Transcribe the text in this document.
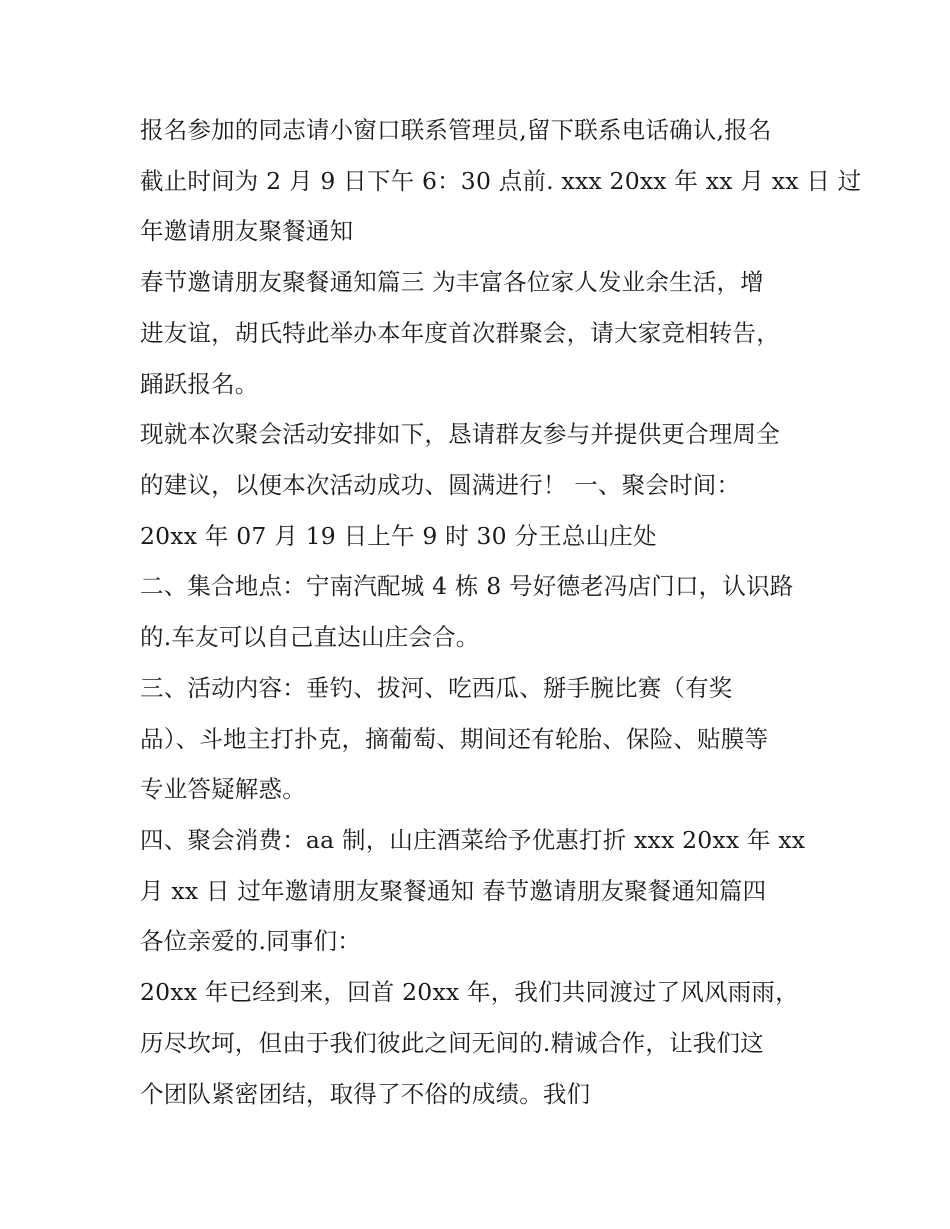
报名参加的同志请小窗口联系管理员,留下联系电话确认,报名
截止时间为 2 月 9 日下午 6：30 点前. xxx 20xx 年 xx 月 xx 日 过
年邀请朋友聚餐通知
春节邀请朋友聚餐通知篇三 为丰富各位家人发业余生活，增
进友谊，胡氏特此举办本年度首次群聚会，请大家竞相转告，
踊跃报名。
现就本次聚会活动安排如下，恳请群友参与并提供更合理周全
的建议，以便本次活动成功、圆满进行！ 一、聚会时间：
20xx 年 07 月 19 日上午 9 时 30 分王总山庄处
二、集合地点：宁南汽配城 4 栋 8 号好德老冯店门口，认识路
的.车友可以自己直达山庄会合。
三、活动内容：垂钓、拔河、吃西瓜、掰手腕比赛（有奖
品）、斗地主打扑克，摘葡萄、期间还有轮胎、保险、贴膜等
专业答疑解惑。
四、聚会消费：aa 制，山庄酒菜给予优惠打折 xxx 20xx 年 xx
月 xx 日 过年邀请朋友聚餐通知 春节邀请朋友聚餐通知篇四
各位亲爱的.同事们：
20xx 年已经到来，回首 20xx 年，我们共同渡过了风风雨雨，
历尽坎坷，但由于我们彼此之间无间的.精诚合作，让我们这
个团队紧密团结，取得了不俗的成绩。我们
